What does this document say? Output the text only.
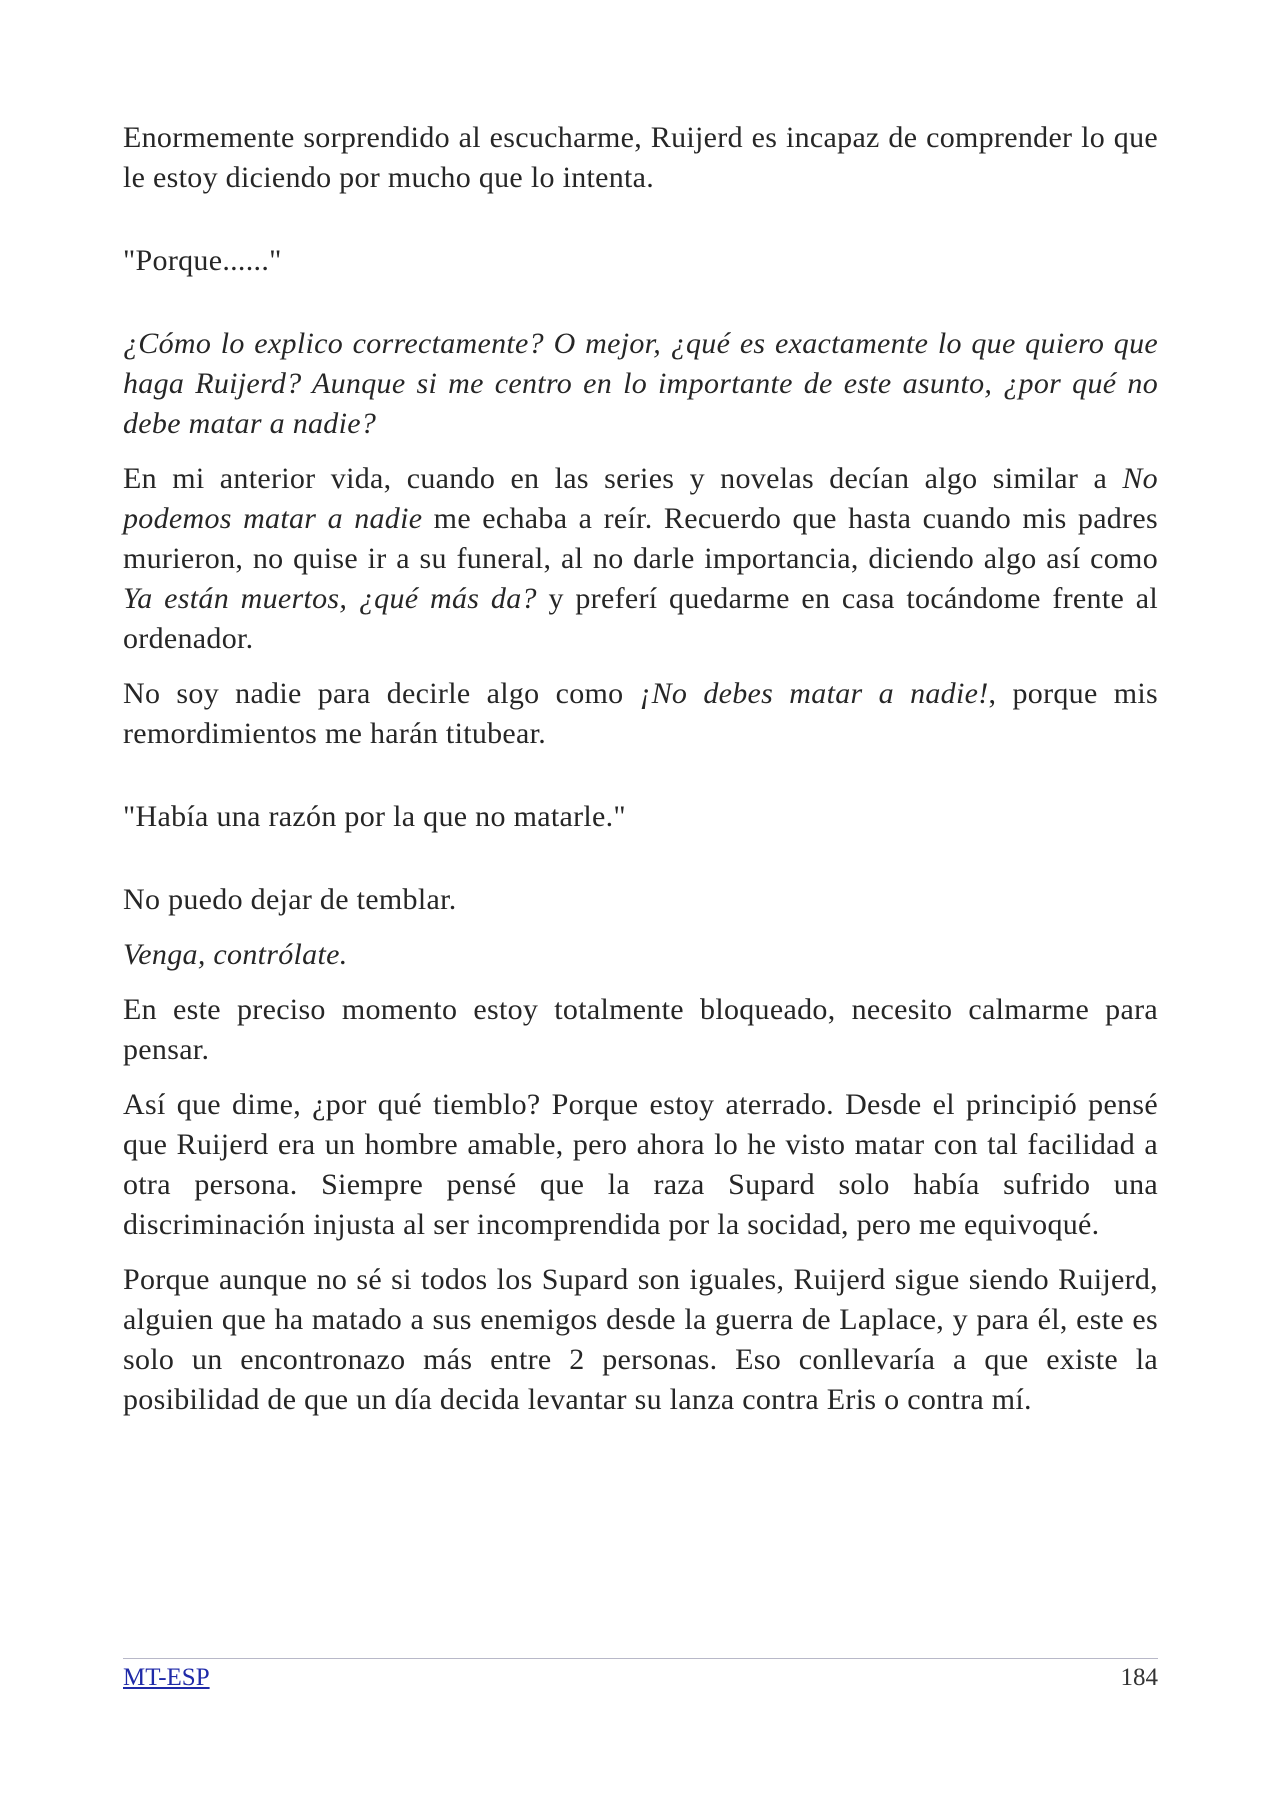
Enormemente sorprendido al escucharme, Ruijerd es incapaz de comprender lo que le estoy diciendo por mucho que lo intenta.

"Porque......"

¿Cómo lo explico correctamente? O mejor, ¿qué es exactamente lo que quiero que haga Ruijerd? Aunque si me centro en lo importante de este asunto, ¿por qué no debe matar a nadie?

En mi anterior vida, cuando en las series y novelas decían algo similar a No podemos matar a nadie me echaba a reír. Recuerdo que hasta cuando mis padres murieron, no quise ir a su funeral, al no darle importancia, diciendo algo así como Ya están muertos, ¿qué más da? y preferí quedarme en casa tocándome frente al ordenador.

No soy nadie para decirle algo como ¡No debes matar a nadie!, porque mis remordimientos me harán titubear.

"Había una razón por la que no matarle."

No puedo dejar de temblar.

Venga, contrólate.

En este preciso momento estoy totalmente bloqueado, necesito calmarme para pensar.

Así que dime, ¿por qué tiemblo? Porque estoy aterrado. Desde el principió pensé que Ruijerd era un hombre amable, pero ahora lo he visto matar con tal facilidad a otra persona. Siempre pensé que la raza Supard solo había sufrido una discriminación injusta al ser incomprendida por la socidad, pero me equivoqué.

Porque aunque no sé si todos los Supard son iguales, Ruijerd sigue siendo Ruijerd, alguien que ha matado a sus enemigos desde la guerra de Laplace, y para él, este es solo un encontronazo más entre 2 personas. Eso conllevaría a que existe la posibilidad de que un día decida levantar su lanza contra Eris o contra mí.

MT-ESP	184
